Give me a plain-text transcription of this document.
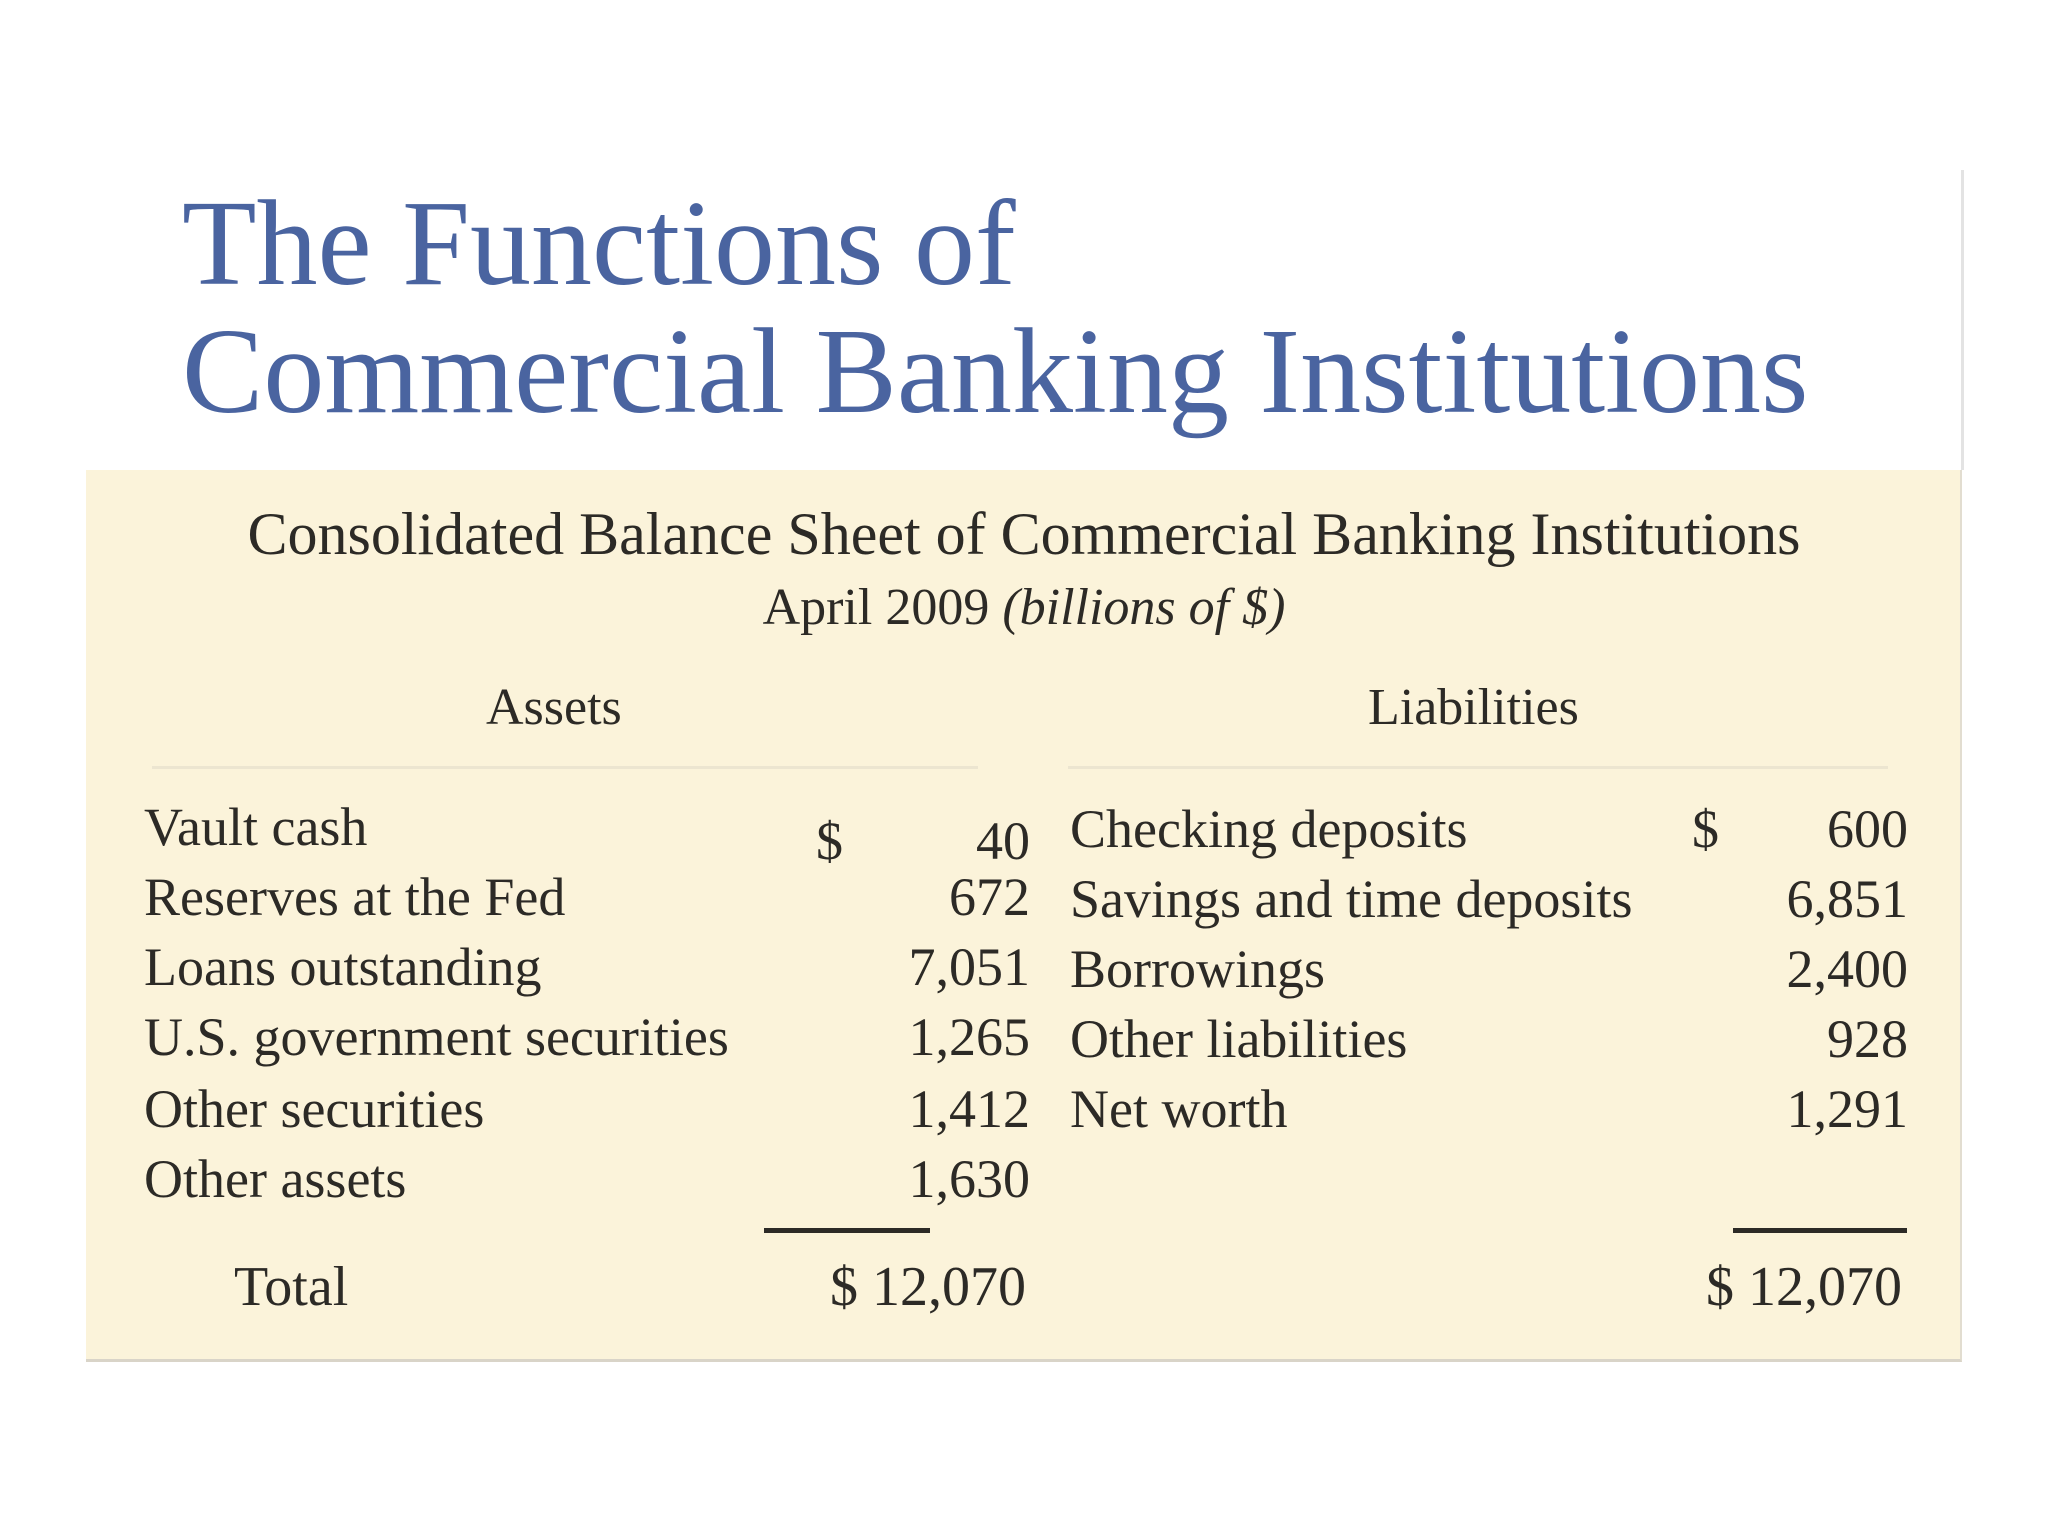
The Functions of
Commercial Banking Institutions
Consolidated Balance Sheet of Commercial Banking Institutions
April 2009 (billions of $)
Assets	Liabilities
Vault cash	$	40
Reserves at the Fed	672
Loans outstanding	7,051
U.S. government securities	1,265
Other securities	1,412
Other assets	1,630
Checking deposits	$	600
Savings and time deposits	6,851
Borrowings	2,400
Other liabilities	928
Net worth	1,291
Total	$ 12,070	$ 12,070
